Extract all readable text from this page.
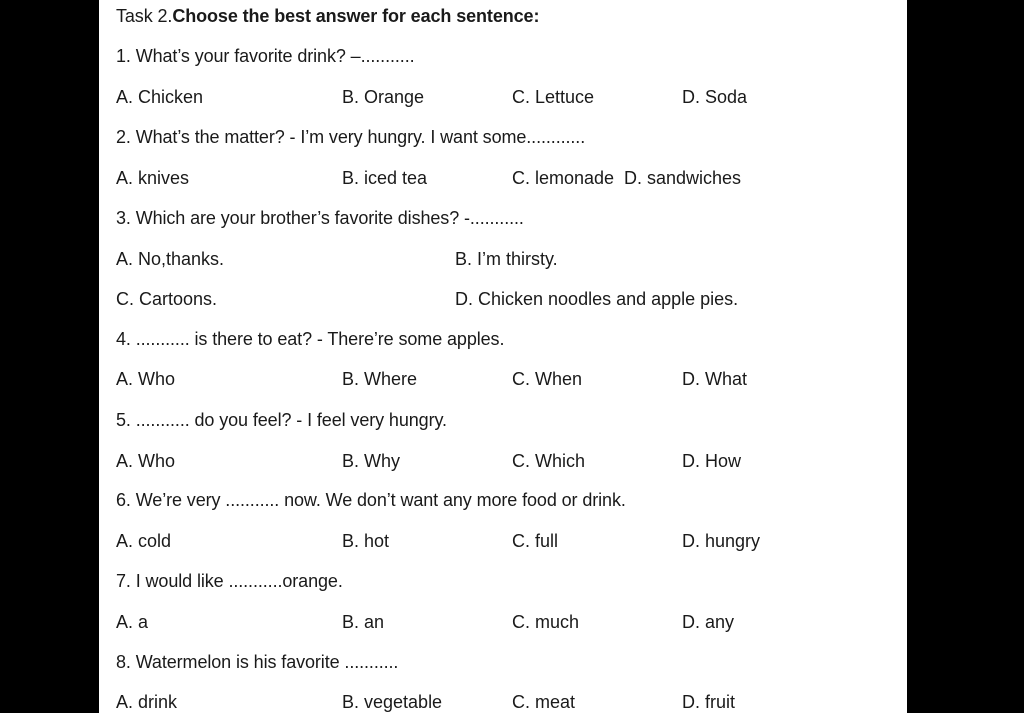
Task 2.Choose the best answer for each sentence:
1. What’s your favorite drink? –...........
A. Chicken	B. Orange	C. Lettuce	D. Soda
2. What’s the matter? - I’m very hungry. I want some............
A. knives	B. iced tea	C. lemonade D. sandwiches
3. Which are your brother’s favorite dishes? -...........
A. No,thanks.	B. I’m thirsty.
C. Cartoons.	D. Chicken noodles and apple pies.
4. ........... is there to eat? - There’re some apples.
A. Who	B. Where	C. When	D. What
5. ........... do you feel? - I feel very hungry.
A. Who	B. Why	C. Which	D. How
6. We’re very ........... now. We don’t want any more food or drink.
A. cold	B. hot	C. full	D. hungry
7. I would like ...........orange.
A. a	B. an	C. much	D. any
8. Watermelon is his favorite ...........
A. drink	B. vegetable	C. meat	D. fruit
